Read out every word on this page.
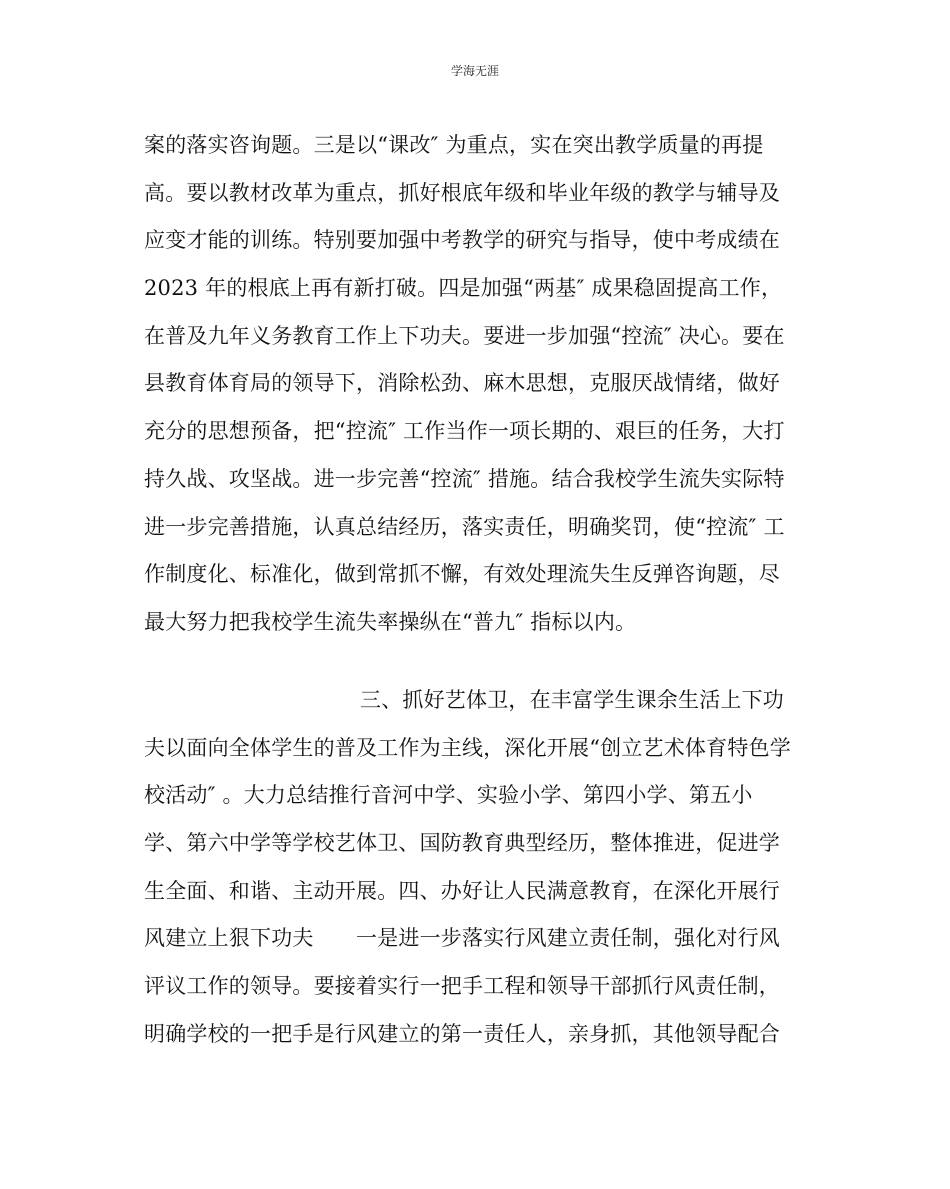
学海无涯
案的落实咨询题。三是以“课改″ 为重点，实在突出教学质量的再提
高。要以教材改革为重点，抓好根底年级和毕业年级的教学与辅导及
应变才能的训练。特别要加强中考教学的研究与指导，使中考成绩在
2023 年的根底上再有新打破。四是加强“两基″ 成果稳固提高工作，
在普及九年义务教育工作上下功夫。要进一步加强“控流″ 决心。要在
县教育体育局的领导下，消除松劲、麻木思想，克服厌战情绪，做好
充分的思想预备，把“控流″ 工作当作一项长期的、艰巨的任务，大打
持久战、攻坚战。进一步完善“控流″ 措施。结合我校学生流失实际特
进一步完善措施，认真总结经历，落实责任，明确奖罚，使“控流″ 工
作制度化、标准化，做到常抓不懈，有效处理流失生反弹咨询题，尽
最大努力把我校学生流失率操纵在“普九″ 指标以内。
三、抓好艺体卫，在丰富学生课余生活上下功
夫以面向全体学生的普及工作为主线，深化开展“创立艺术体育特色学
校活动″ 。大力总结推行音河中学、实验小学、第四小学、第五小
学、第六中学等学校艺体卫、国防教育典型经历，整体推进，促进学
生全面、和谐、主动开展。四、办好让人民满意教育，在深化开展行
风建立上狠下功夫　　一是进一步落实行风建立责任制，强化对行风
评议工作的领导。要接着实行一把手工程和领导干部抓行风责任制，
明确学校的一把手是行风建立的第一责任人，亲身抓，其他领导配合
